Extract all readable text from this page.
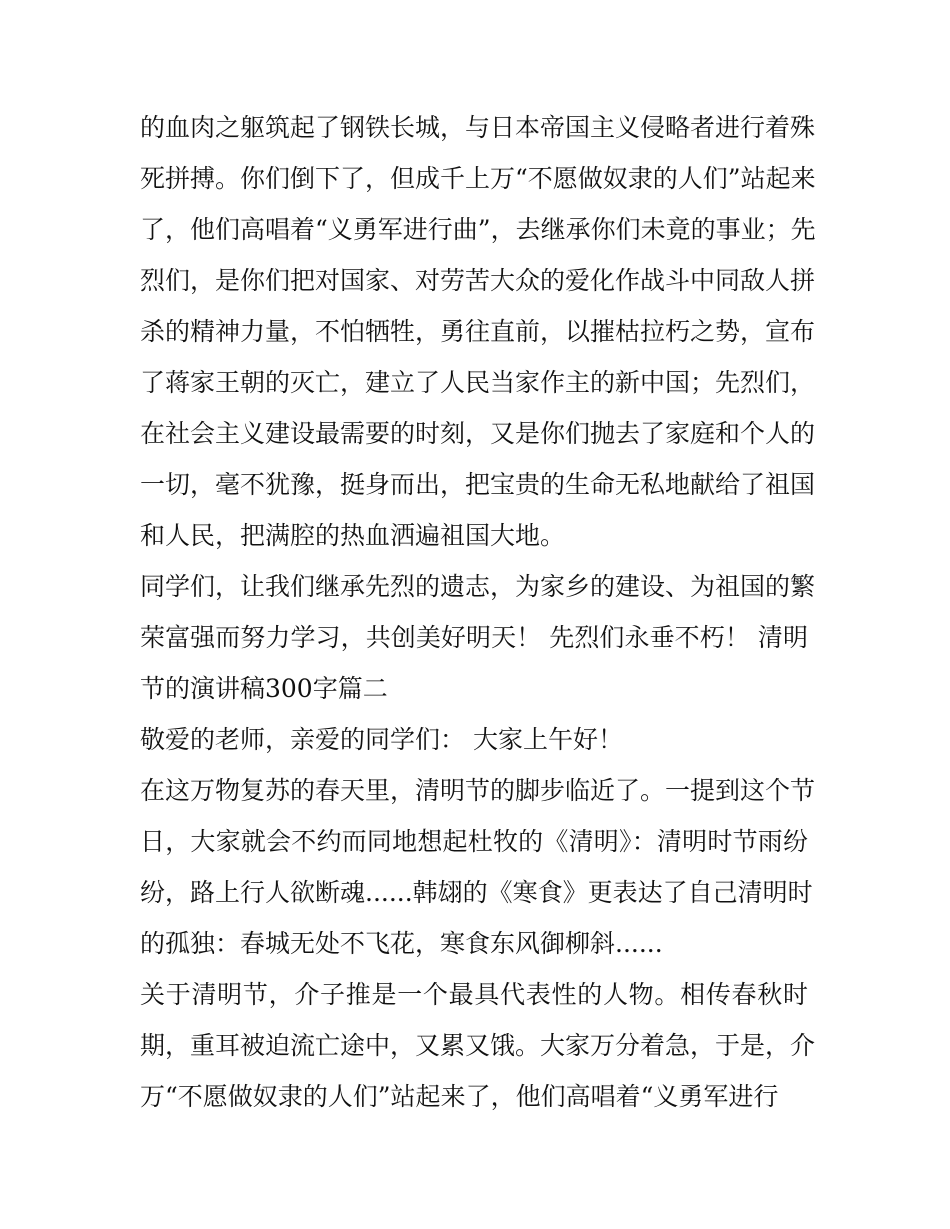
的血肉之躯筑起了钢铁长城，与日本帝国主义侵略者进行着殊
死拼搏。你们倒下了，但成千上万“不愿做奴隶的人们”站起来
了，他们高唱着“义勇军进行曲”，去继承你们未竟的事业；先
烈们，是你们把对国家、对劳苦大众的爱化作战斗中同敌人拼
杀的精神力量，不怕牺牲，勇往直前，以摧枯拉朽之势，宣布
了蒋家王朝的灭亡，建立了人民当家作主的新中国；先烈们，
在社会主义建设最需要的时刻，又是你们抛去了家庭和个人的
一切，毫不犹豫，挺身而出，把宝贵的生命无私地献给了祖国
和人民，把满腔的热血洒遍祖国大地。
同学们，让我们继承先烈的遗志，为家乡的建设、为祖国的繁
荣富强而努力学习，共创美好明天！ 先烈们永垂不朽！ 清明
节的演讲稿300字篇二
敬爱的老师，亲爱的同学们： 大家上午好！
在这万物复苏的春天里，清明节的脚步临近了。一提到这个节
日，大家就会不约而同地想起杜牧的《清明》：清明时节雨纷
纷，路上行人欲断魂......韩翃的《寒食》更表达了自己清明时
的孤独：春城无处不飞花，寒食东风御柳斜......
关于清明节，介子推是一个最具代表性的人物。相传春秋时
期，重耳被迫流亡途中，又累又饿。大家万分着急，于是，介
万“不愿做奴隶的人们”站起来了，他们高唱着“义勇军进行
